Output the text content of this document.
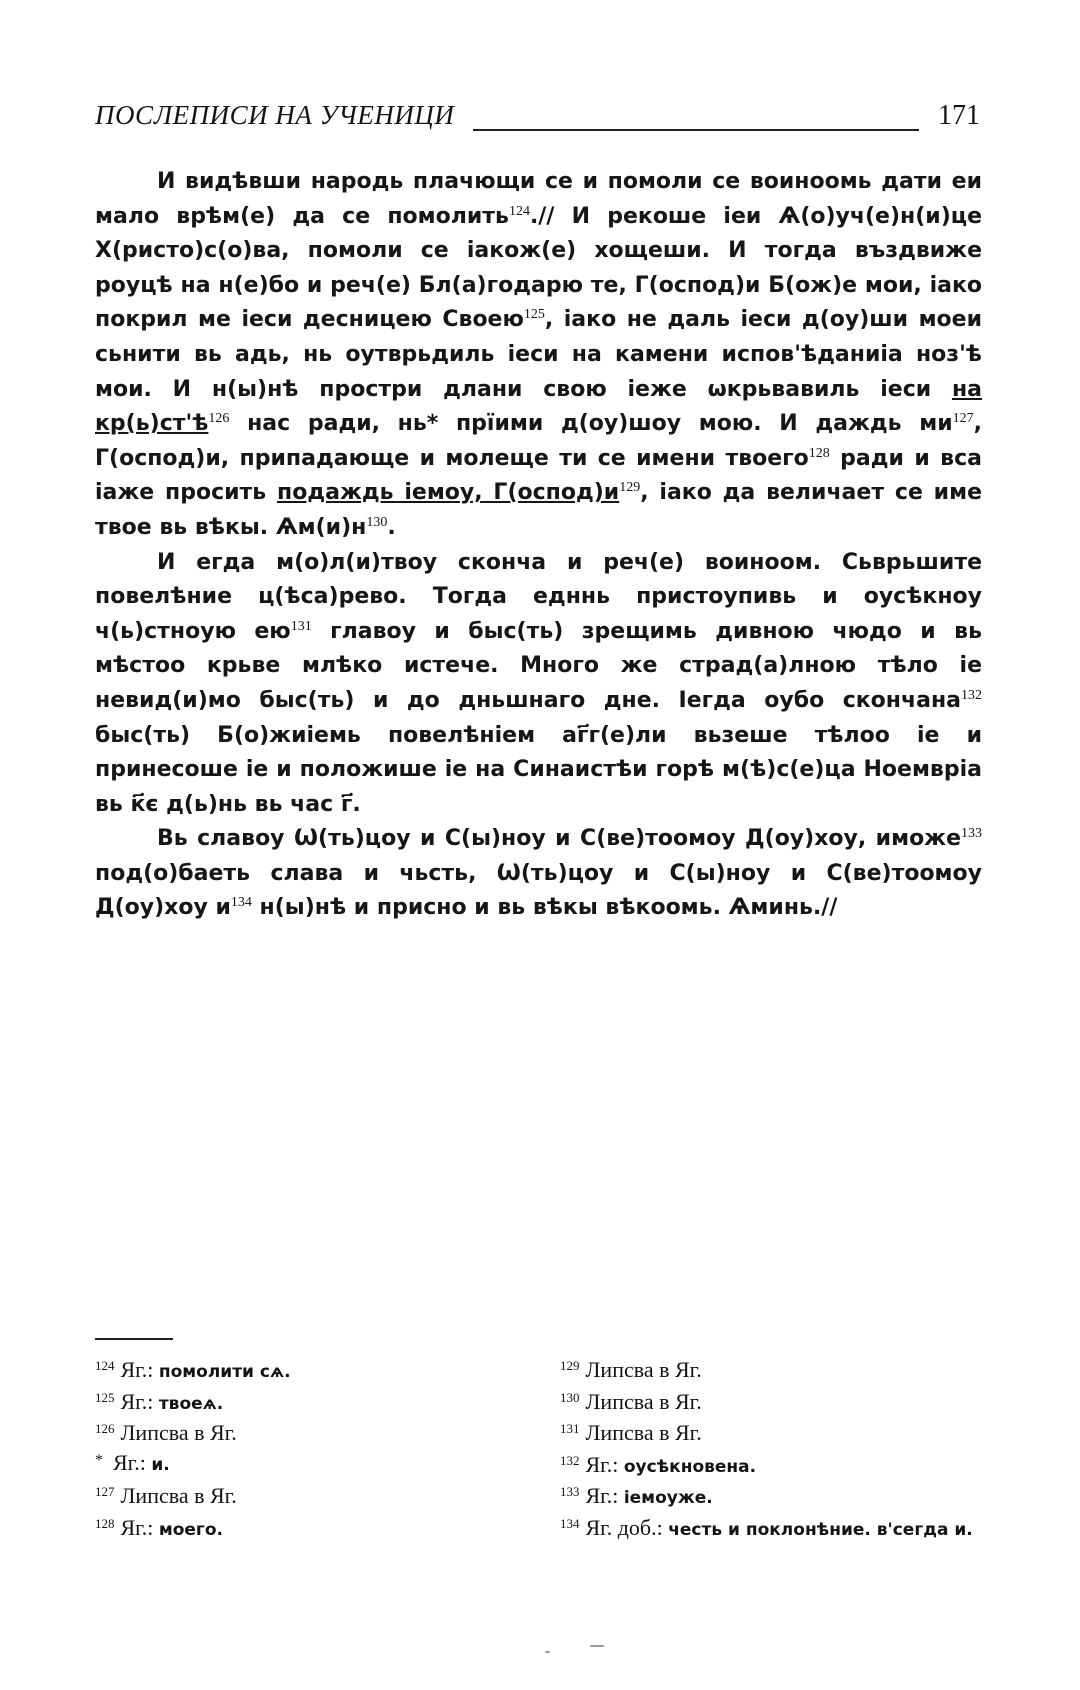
ПОСЛЕПИСИ НА УЧЕНИЦИ	171

И видѣвши народь плачющи се и помоли се воиноомь дати еи мало врѣм(е) да се помолить$^{124}$.// И рекоше іеи Ѧ(о)уч(е)н(и)це Х(ристо)с(о)ва, помоли се іакож(е) хощеши. И тогда въздвиже роуцѣ на н(е)бо и реч(е) Бл(а)годарю те, Г(оспод)и Б(ож)е мои, іако покрил ме іеси десницею Своею$^{125}$, іако не даль іеси д(оу)ши моеи сьнити вь адь, нь оутврьдиль іеси на камени испов'ѣданиіа ноз'ѣ мои. И н(ы)нѣ простри длани свою іеже ѡкрьвавиль іеси на $кр(ь)ст'ѣ^{126}$ нас ради, нь* прїими д(оу)шоу мою. И даждь $ми^{127}$, Г(оспод)и, припадающе и молеще ти се имени твоего$^{128}$ ради и вса іаже просить подаждь іемоу, $Г(оспод)и^{129}$, іако да величает се име твое вь вѣкы. $Ѧм(и)н^{130}$.

И егда м(о)л(и)твоу скончa и реч(е) воиноом. Сьврьшите повелѣние ц(ѣса)рево. Тогда едннь пристоупивь и оусѣкноу ч(ь)стноую $ею^{131}$ главоу и быс(ть) зрещимь дивною чюдо и вь мѣстоо крьве млѣко истече. Много же страд(а)лною тѣло іе невид(и)мо быс(ть) и до дньшнаго дне. Іегда оубо скончана$^{132}$ быс(ть) Б(о)жиіемь повелѣніем аг҃г(е)ли вьзеше тѣлоо іе и принесоше іе и положише іе на Синаистѣи горѣ м(ѣ)с(е)ца Ноемвріа вь к҃є д(ь)нь вь час г҃.

Вь славоу Ѡ(ть)цоу и С(ы)ноу и С(ве)тоомоу Д(оу)хоу, иможе$^{133}$ под(о)баеть слава и чьсть, Ѡ(ть)цоу и С(ы)ноу и С(ве)тоомоу Д(оу)хоу $и^{134}$ н(ы)нѣ и присно и вь вѣкы вѣкоомь. Ѧминь.//

$^{124}$ Яг.: помолити сѧ.
$^{125}$ Яг.: твоеѧ.
$^{126}$ Липсва в Яг.
* Яг.: и.
$^{127}$ Липсва в Яг.
$^{128}$ Яг.: моего.
$^{129}$ Липсва в Яг.
$^{130}$ Липсва в Яг.
$^{131}$ Липсва в Яг.
$^{132}$ Яг.: оусѣкновена.
$^{133}$ Яг.: іемоуже.
$^{134}$ Яг. доб.: честь и поклонѣние. в'сегда и.
